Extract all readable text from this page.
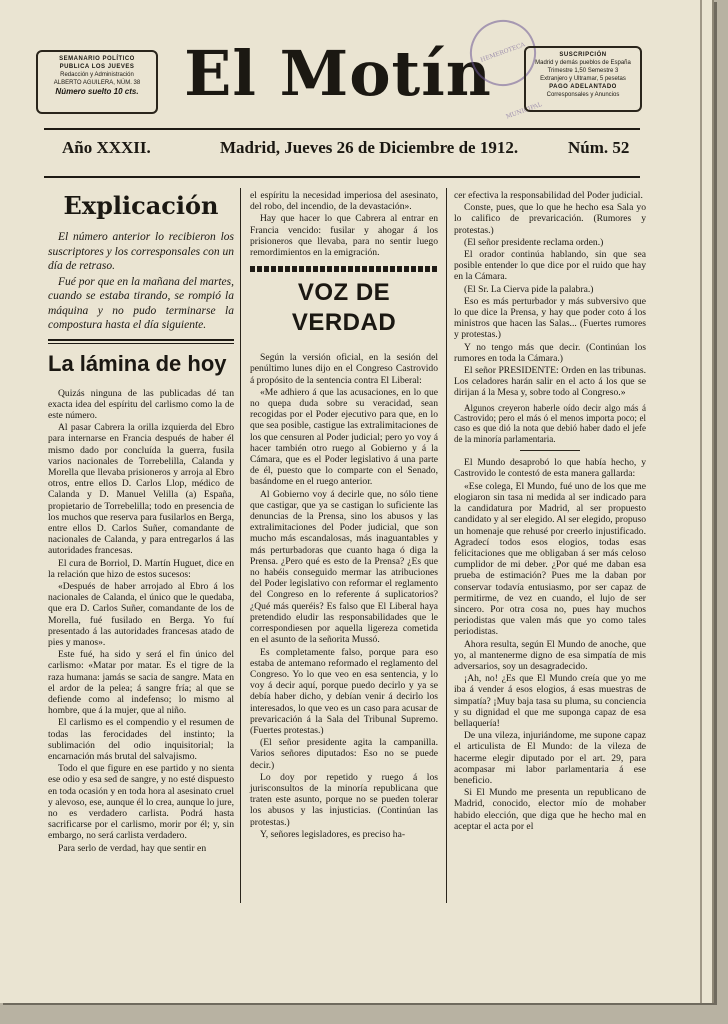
SEMANARIO POLÍTICO
PUBLICA LOS JUEVES
Redacción y Administración
ALBERTO AGUILERA, NÚM. 38
Número suelto 10 cts. El Motín
HEMEROTECA MUNICIPAL
SUSCRIPCIÓN
Madrid y demás pueblos de España
Trimestre 1,50 Semestre 3
Extranjero y Ultramar, 5 pesetas
PAGO ADELANTADO
Corresponsales y Anuncios
Año XXXII.	Madrid, Jueves 26 de Diciembre de 1912.	Núm. 52
Explicación

El número anterior lo recibieron los suscriptores y los corresponsales con un día de retraso.

Fué por que en la mañana del martes, cuando se estaba tirando, se rompió la máquina y no pudo terminarse la compostura hasta el día siguiente.

La lámina de hoy

Quizás ninguna de las publicadas dé tan exacta idea del espíritu del carlismo como la de este número.

Al pasar Cabrera la orilla izquierda del Ebro para internarse en Francia después de haber él mismo dado por concluída la guerra, fusila varios nacionales de Torrebelilla, Calanda y Morella que llevaba prisioneros y arroja al Ebro otros, entre ellos D. Carlos Llop, médico de Calanda y D. Manuel Velilla (a) España, propietario de Torrebelilla; todo en presencia de los muchos que reserva para fusilarlos en Berga, entre ellos D. Carlos Suñer, comandante de nacionales de Calanda, y para entregarlos á las autoridades francesas.

El cura de Borriol, D. Martín Huguet, dice en la relación que hizo de estos sucesos:

«Después de haber arrojado al Ebro á los nacionales de Calanda, el único que le quedaba, que era D. Carlos Suñer, comandante de los de Morella, fué fusilado en Berga. Yo fuí presentado á las autoridades francesas atado de pies y manos».

Este fué, ha sido y será el fin único del carlismo: «Matar por matar. Es el tigre de la raza humana: jamás se sacia de sangre. Mata en el ardor de la pelea; á sangre fría; al que se defiende como al indefenso; lo mismo al hombre, que á la mujer, que al niño.

El carlismo es el compendio y el resumen de todas las ferocidades del instinto; la sublimación del odio inquisitorial; la encarnación más brutal del salvajismo.

Todo el que figure en ese partido y no sienta ese odio y esa sed de sangre, y no esté dispuesto en toda ocasión y en toda hora al asesinato cruel y alevoso, ese, aunque él lo crea, aunque lo jure, no es verdadero carlista. Podrá hasta sacrificarse por el carlismo, morir por él; y, sin embargo, no será carlista verdadero.

Para serlo de verdad, hay que sentir en

el espíritu la necesidad imperiosa del asesinato, del robo, del incendio, de la devastación».

Hay que hacer lo que Cabrera al entrar en Francia vencido: fusilar y ahogar á los prisioneros que llevaba, para no sentir luego remordimientos en la emigración.

VOZ DE VERDAD

Según la versión oficial, en la sesión del penúltimo lunes dijo en el Congreso Castrovido á propósito de la sentencia contra El Liberal:

«Me adhiero á que las acusaciones, en lo que no quepa duda sobre su veracidad, sean recogidas por el Poder ejecutivo para que, en lo que sea posible, castigue las extralimitaciones de los que censuren al Poder judicial; pero yo voy á hacer también otro ruego al Gobierno y á la Cámara, que es el Poder legislativo á una parte de él, puesto que lo comparte con el Senado, basándome en el ruego anterior.

Al Gobierno voy á decirle que, no sólo tiene que castigar, que ya se castigan lo suficiente las denuncias de la Prensa, sino los abusos y las extralimitaciones del Poder judicial, que son mucho más escandalosas, más inaguantables y más perturbadoras que cuanto haga ó diga la Prensa. ¿Pero qué es esto de la Prensa? ¿Es que no habéis conseguido mermar las atribuciones del Poder legislativo con reformar el reglamento del Congreso en lo referente á suplicatorios? ¿Qué más queréis? Es falso que El Liberal haya pretendido eludir las responsabilidades que le correspondiesen por aquella ligereza cometida en el asunto de la señorita Mussó.

Es completamente falso, porque para eso estaba de antemano reformado el reglamento del Congreso. Yo lo que veo en esa sentencia, y lo voy á decir aquí, porque puedo decirlo y ya se debía haber dicho, y debían venir á decirlo los interesados, lo que veo es un caso para acusar de prevaricación á la Sala del Tribunal Supremo. (Fuertes protestas.)

(El señor presidente agita la campanilla. Varios señores diputados: Eso no se puede decir.)

Lo doy por repetido y ruego á los jurisconsultos de la minoría republicana que traten este asunto, porque no se pueden tolerar los abusos y las injusticias. (Continúan las protestas.)

Y, señores legisladores, es preciso ha-

cer efectiva la responsabilidad del Poder judicial.

Conste, pues, que lo que he hecho esa Sala yo lo califico de prevaricación. (Rumores y protestas.)

(El señor presidente reclama orden.)

El orador continúa hablando, sin que sea posible entender lo que dice por el ruido que hay en la Cámara.

(El Sr. La Cierva pide la palabra.)

Eso es más perturbador y más subversivo que lo que dice la Prensa, y hay que poder coto á los ministros que hacen las Salas... (Fuertes rumores y protestas.)

Y no tengo más que decir. (Continúan los rumores en toda la Cámara.)

El señor PRESIDENTE: Orden en las tribunas. Los celadores harán salir en el acto á los que se dirijan á la Mesa y, sobre todo al Congreso.»

Algunos creyeron haberle oído decir algo más á Castrovido; pero el más ó el menos importa poco; el caso es que dió la nota que debió haber dado el jefe de la minoría parlamentaria.

El Mundo desaprobó lo que había hecho, y Castrovido le contestó de esta manera gallarda:

«Ese colega, El Mundo, fué uno de los que me elogiaron sin tasa ni medida al ser indicado para la candidatura por Madrid, al ser propuesto candidato y al ser elegido. Al ser elegido, propuso un homenaje que rehusé por creerlo injustificado. Agradecí todos esos elogios, todas esas felicitaciones que me obligaban á ser más celoso cumplidor de mi deber. ¿Por qué me daban esa prueba de estimación? Pues me la daban por conservar todavía entusiasmo, por ser capaz de permitirme, de vez en cuando, el lujo de ser sincero. Por otra cosa no, pues hay muchos periodistas que valen más que yo como tales periodistas.

Ahora resulta, según El Mundo de anoche, que yo, al mantenerme digno de esa simpatía de mis adversarios, soy un desagradecido.

¡Ah, no! ¿Es que El Mundo creía que yo me iba á vender á esos elogios, á esas muestras de simpatía? ¡Muy baja tasa su pluma, su conciencia y su dignidad el que me suponga capaz de esa bellaquería!

De una vileza, injuriándome, me supone capaz el articulista de El Mundo: de la vileza de hacerme elegir diputado por el art. 29, para acompasar mi labor parlamentaria á ese beneficio.

Si El Mundo me presenta un republicano de Madrid, conocido, elector mío de mohaber habido elección, que diga que he hecho mal en aceptar el acta por el
